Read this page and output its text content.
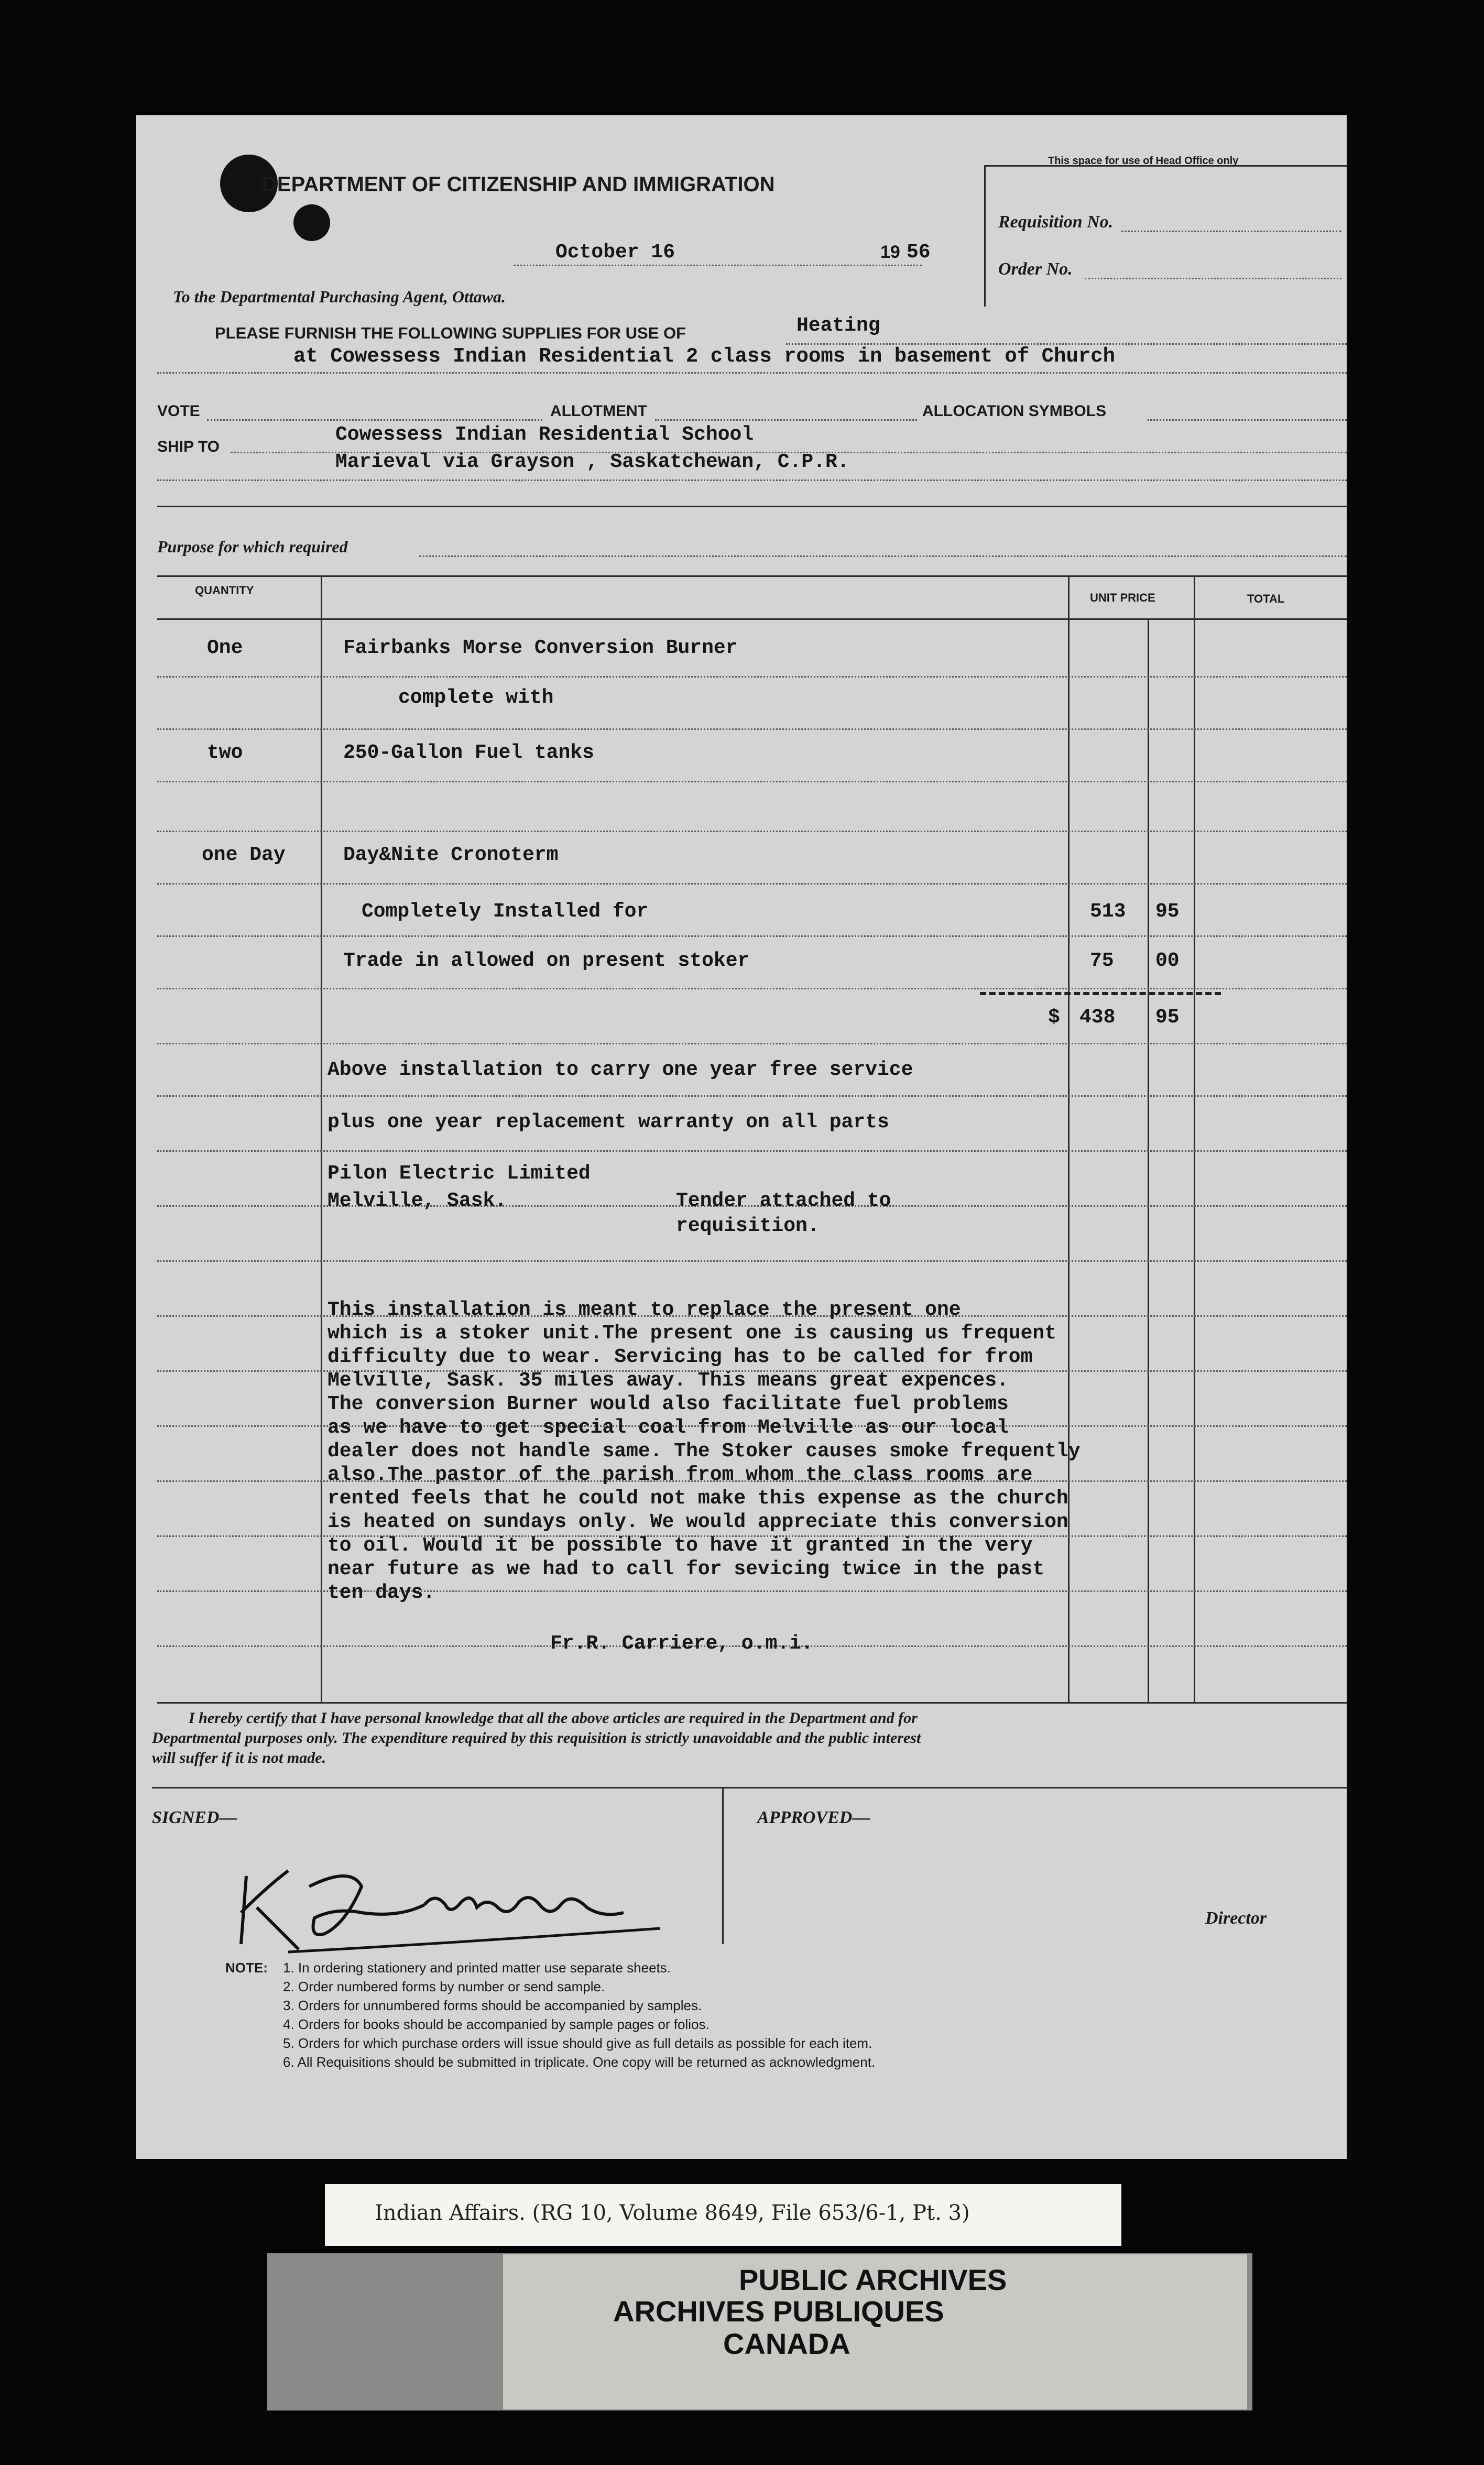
DEPARTMENT OF CITIZENSHIP AND IMMIGRATION
This space for use of Head Office only
Requisition No.
Order No.
October 16	19 56
To the Departmental Purchasing Agent, Ottawa.
PLEASE FURNISH THE FOLLOWING SUPPLIES FOR USE OF	Heating
at Cowessess Indian Residential 2 class rooms in basement of Church
VOTE	ALLOTMENT	ALLOCATION SYMBOLS
SHIP TO
Cowessess Indian Residential School
Marieval via Grayson , Saskatchewan, C.P.R.
Purpose for which required
QUANTITY
UNIT PRICE	TOTAL
One	Fairbanks Morse Conversion Burner
complete with
two	250-Gallon Fuel tanks
one Day	Day&Nite Cronoterm
Completely Installed for	513 95
Trade in allowed on present stoker	75 00
$ 438 95
Above installation to carry one year free service
plus one year replacement warranty on all parts
Pilon Electric Limited
Melville, Sask.	Tender attached to
requisition.
This installation is meant to replace the present one
which is a stoker unit.The present one is causing us frequent
difficulty due to wear. Servicing has to be called for from
Melville, Sask. 35 miles away. This means great expences.
The conversion Burner would also facilitate fuel problems
as we have to get special coal from Melville as our local
dealer does not handle same. The Stoker causes smoke frequently
also.The pastor of the parish from whom the class rooms are
rented feels that he could not make this expense as the church
is heated on sundays only. We would appreciate this conversion
to oil. Would it be possible to have it granted in the very
near future as we had to call for sevicing twice in the past
ten days.
Fr.R. Carriere, o.m.i.
I hereby certify that I have personal knowledge that all the above articles are required in the Department and for
Departmental purposes only. The expenditure required by this requisition is strictly unavoidable and the public interest
will suffer if it is not made.
SIGNED—	APPROVED—
Director
NOTE: 1. In ordering stationery and printed matter use separate sheets.
2. Order numbered forms by number or send sample.
3. Orders for unnumbered forms should be accompanied by samples.
4. Orders for books should be accompanied by sample pages or folios.
5. Orders for which purchase orders will issue should give as full details as possible for each item.
6. All Requisitions should be submitted in triplicate. One copy will be returned as acknowledgment.
Indian Affairs. (RG 10, Volume 8649, File 653/6-1, Pt. 3)
PUBLIC ARCHIVES
ARCHIVES PUBLIQUES
CANADA
